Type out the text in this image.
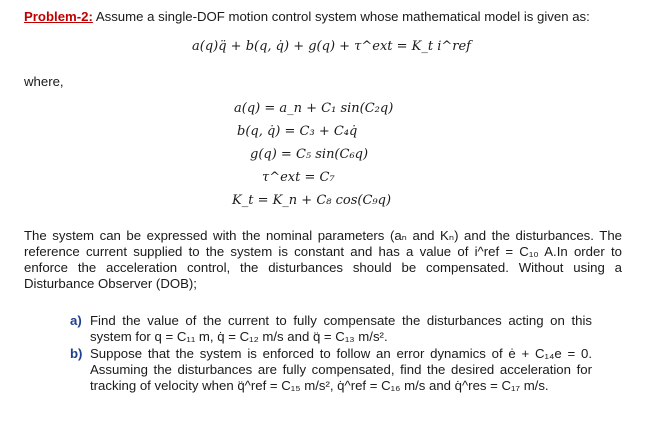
Problem-2: Assume a single-DOF motion control system whose mathematical model is given as:
a(q)q̈ + b(q, q̇) + g(q) + τ^ext = K_t i^ref
where,
a(q) = a_n + C₁ sin(C₂q)
b(q, q̇) = C₃ + C₄q̇
g(q) = C₅ sin(C₆q)
τ^ext = C₇
K_t = K_n + C₈ cos(C₉q)
The system can be expressed with the nominal parameters (aₙ and Kₙ) and the disturbances. The reference current supplied to the system is constant and has a value of i^ref = C₁₀ A.In order to enforce the acceleration control, the disturbances should be compensated. Without using a Disturbance Observer (DOB);
a) Find the value of the current to fully compensate the disturbances acting on this system for q = C₁₁ m, q̇ = C₁₂ m/s and q̈ = C₁₃ m/s².
b) Suppose that the system is enforced to follow an error dynamics of ė + C₁₄e = 0. Assuming the disturbances are fully compensated, find the desired acceleration for tracking of velocity when q̈^ref = C₁₅ m/s², q̇^ref = C₁₆ m/s and q̇^res = C₁₇ m/s.
